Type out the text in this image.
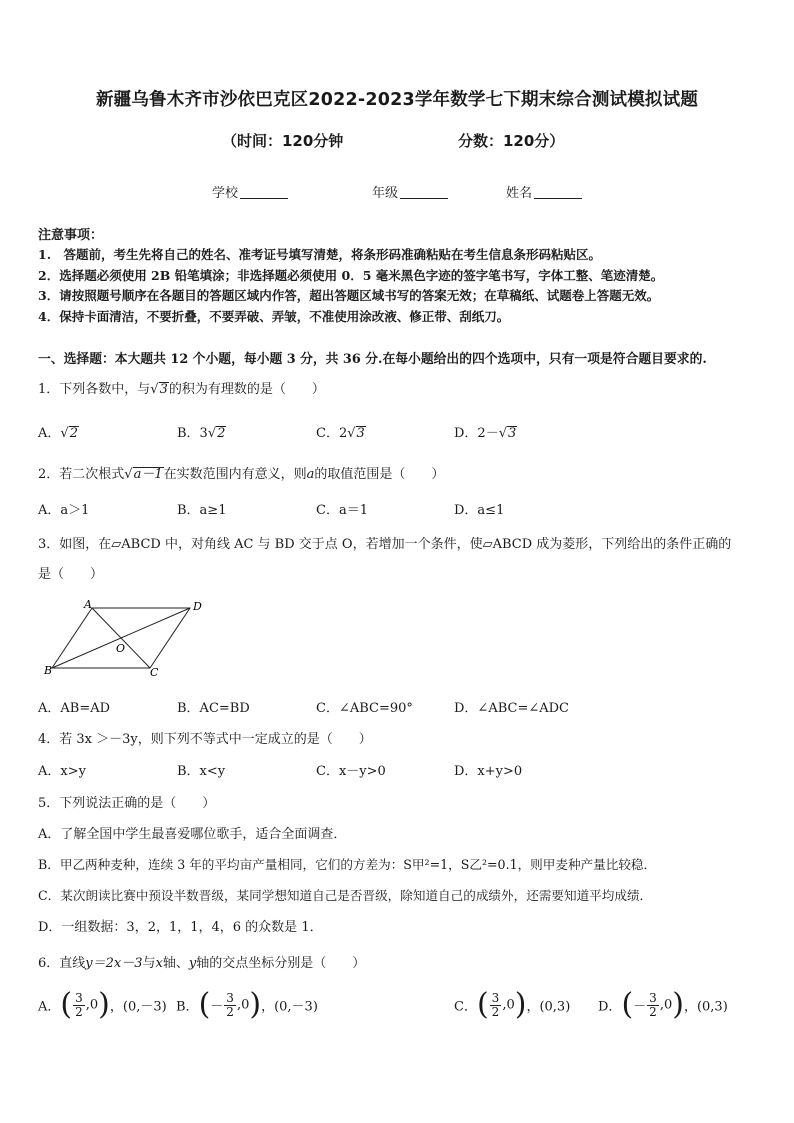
新疆乌鲁木齐市沙依巴克区2022-2023学年数学七下期末综合测试模拟试题
（时间：120分钟	分数：120分）
学校	年级	姓名
注意事项：
1.　答题前，考生先将自己的姓名、准考证号填写清楚，将条形码准确粘贴在考生信息条形码粘贴区。
2．选择题必须使用 2B 铅笔填涂；非选择题必须使用 0．5 毫米黑色字迹的签字笔书写，字体工整、笔迹清楚。
3．请按照题号顺序在各题目的答题区域内作答，超出答题区域书写的答案无效；在草稿纸、试题卷上答题无效。
4．保持卡面清洁，不要折叠，不要弄破、弄皱，不准使用涂改液、修正带、刮纸刀。
一、选择题：本大题共 12 个小题，每小题 3 分，共 36 分.在每小题给出的四个选项中，只有一项是符合题目要求的.
1．下列各数中，与√3的积为有理数的是（　　）
A．√2	B．3√2	C．2√3	D．2－√3
2．若二次根式√a－1在实数范围内有意义，则a的取值范围是（　　）
A．a＞1	B．a≥1	C．a＝1	D．a≤1
3．如图，在▱ABCD 中，对角线 AC 与 BD 交于点 O，若增加一个条件，使▱ABCD 成为菱形，下列给出的条件正确的
是（　　）
A
B	C
D
O
A．AB=AD	B．AC=BD	C．∠ABC=90°	D．∠ABC=∠ADC
4．若 3x ＞－3y，则下列不等式中一定成立的是（　　）
A．x>y	B．x<y	C．x－y>0	D．x+y>0
5．下列说法正确的是（　　）
A．了解全国中学生最喜爱哪位歌手，适合全面调查．
B．甲乙两种麦种，连续 3 年的平均亩产量相同，它们的方差为：S甲²=1，S乙²=0.1，则甲麦种产量比较稳．
C．某次朗读比赛中预设半数晋级，某同学想知道自己是否晋级，除知道自己的成绩外，还需要知道平均成绩．
D．一组数据：3，2，1，1，4，6 的众数是 1．
6．直线y＝2x－3与x轴、y轴的交点坐标分别是（　　）
A．( $\frac{3}{2} ,0$)，(0,－3) B．(－ $\frac{3}{2} ,0$)，(0,－3)	C．( $\frac{3}{2} ,0$)，(0,3) D．(－ $\frac{3}{2} ,0$)，(0,3)
